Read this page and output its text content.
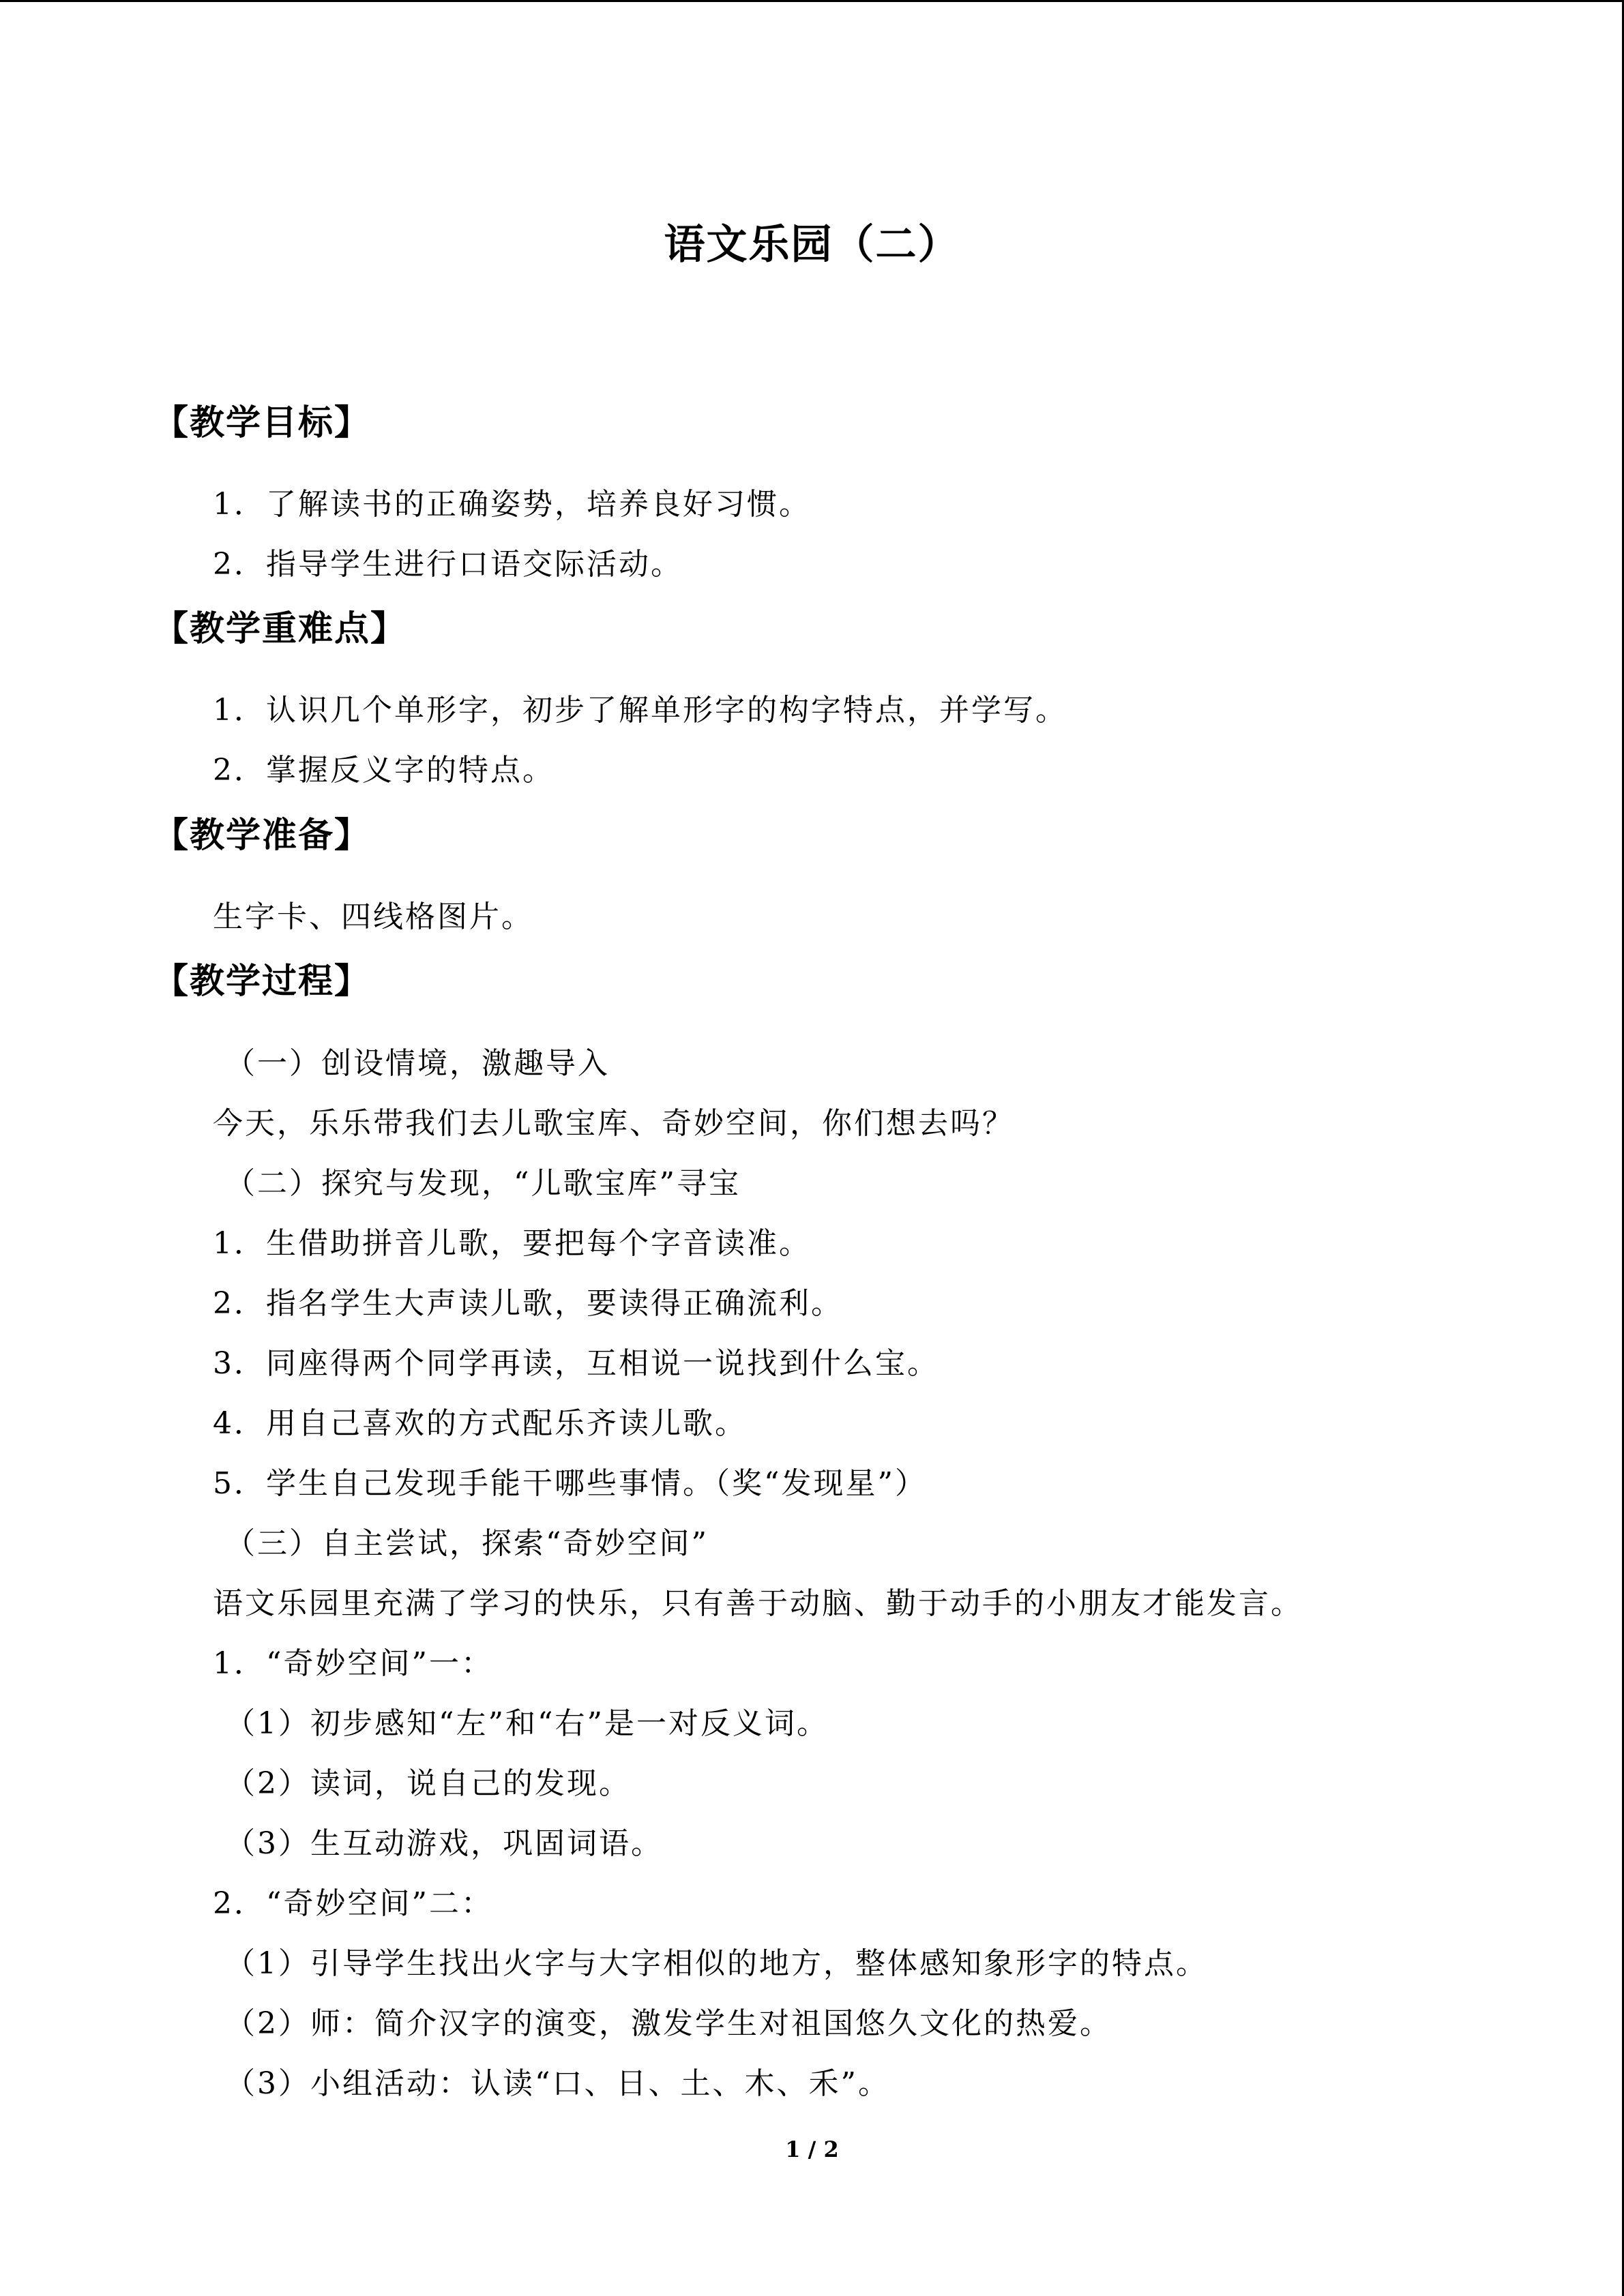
语文乐园（二）
【教学目标】
1．了解读书的正确姿势，培养良好习惯。
2．指导学生进行口语交际活动。
【教学重难点】
1．认识几个单形字，初步了解单形字的构字特点，并学写。
2．掌握反义字的特点。
【教学准备】
生字卡、四线格图片。
【教学过程】
（一）创设情境，激趣导入
今天，乐乐带我们去儿歌宝库、奇妙空间，你们想去吗？
（二）探究与发现，“儿歌宝库”寻宝
1．生借助拼音儿歌，要把每个字音读准。
2．指名学生大声读儿歌，要读得正确流利。
3．同座得两个同学再读，互相说一说找到什么宝。
4．用自己喜欢的方式配乐齐读儿歌。
5．学生自己发现手能干哪些事情。（奖“发现星”）
（三）自主尝试，探索“奇妙空间”
语文乐园里充满了学习的快乐，只有善于动脑、勤于动手的小朋友才能发言。
1．“奇妙空间”一：
（1）初步感知“左”和“右”是一对反义词。
（2）读词，说自己的发现。
（3）生互动游戏，巩固词语。
2．“奇妙空间”二：
（1）引导学生找出火字与大字相似的地方，整体感知象形字的特点。
（2）师：简介汉字的演变，激发学生对祖国悠久文化的热爱。
（3）小组活动：认读“口、日、土、木、禾”。
1 / 2
